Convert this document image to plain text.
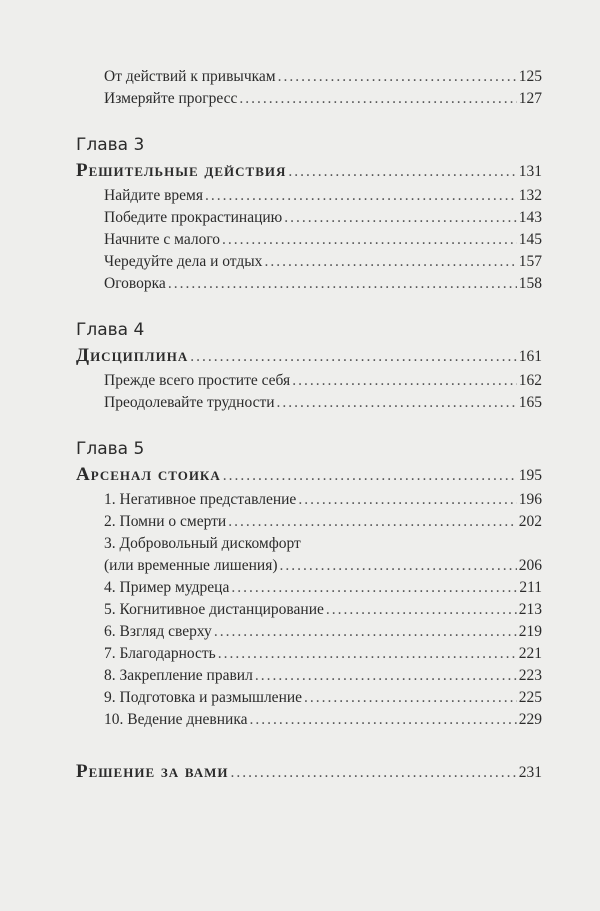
От действий к привычкам .....	125
Измеряйте прогресс .....	127
Глава 3
Решительные действия .....	131
Найдите время .....	132
Победите прокрастинацию .....	143
Начните с малого .....	145
Чередуйте дела и отдых .....	157
Оговорка .....	158
Глава 4
Дисциплина .....	161
Прежде всего простите себя .....	162
Преодолевайте трудности .....	165
Глава 5
Арсенал стоика .....	195
1. Негативное представление .....	196
2. Помни о смерти .....	202
3. Добровольный дискомфорт
(или временные лишения) .....	206
4. Пример мудреца .....	211
5. Когнитивное дистанцирование .....	213
6. Взгляд сверху .....	219
7. Благодарность .....	221
8. Закрепление правил .....	223
9. Подготовка и размышление .....	225
10. Ведение дневника .....	229
Решение за вами .....	231
